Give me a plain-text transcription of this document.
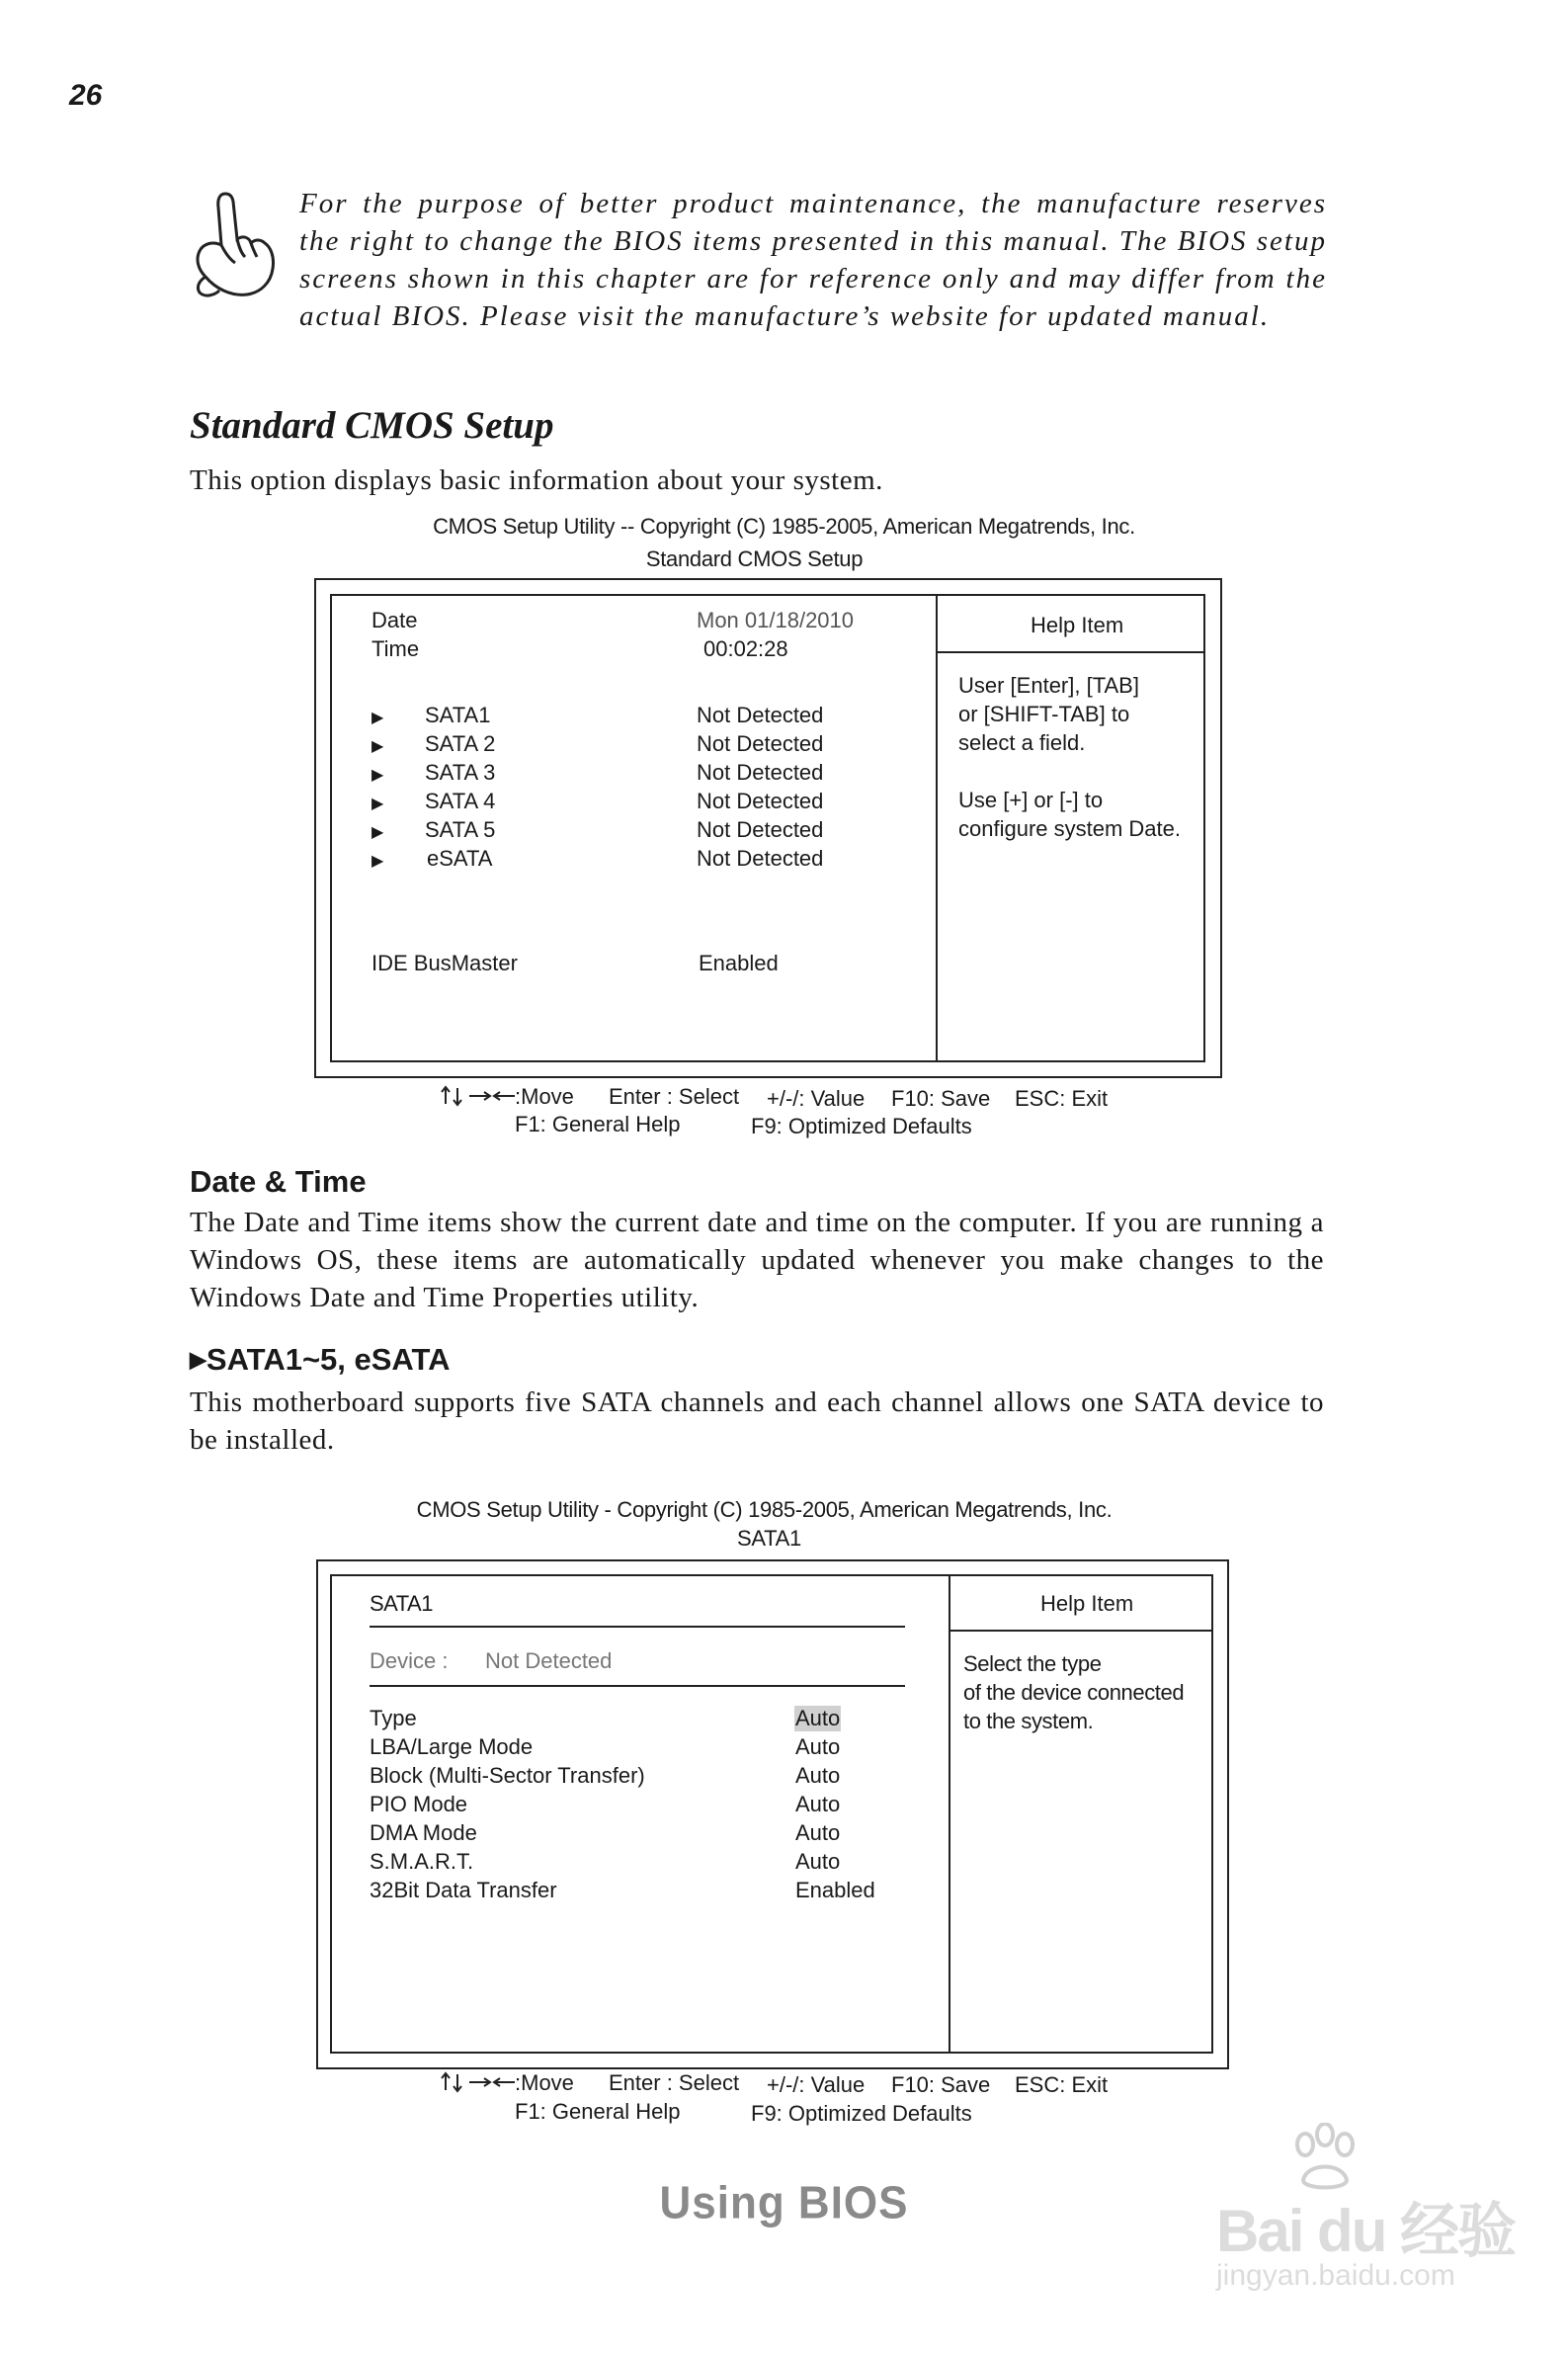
26
For the purpose of better product maintenance, the manufacture reserves the right to change the BIOS items presented in this manual. The BIOS setup screens shown in this chapter are for reference only and may differ from the actual BIOS. Please visit the manufacture’s website for updated manual.
Standard CMOS Setup
This option displays basic information about your system.
CMOS Setup Utility -- Copyright (C) 1985-2005, American Megatrends, Inc.
Standard CMOS Setup
Date	Mon 01/18/2010
Time	00:02:28
▶ SATA1	Not Detected
▶ SATA 2	Not Detected
▶ SATA 3	Not Detected
▶ SATA 4	Not Detected
▶ SATA 5	Not Detected
▶ eSATA	Not Detected
IDE BusMaster	Enabled
Help Item
User [Enter], [TAB]
or [SHIFT-TAB] to
select a field.
Use [+] or [-] to
configure system Date.
:Move Enter : Select +/-/: Value F10: Save ESC: Exit
F1: General Help	F9: Optimized Defaults
Date & Time
The Date and Time items show the current date and time on the computer. If you are running a Windows OS, these items are automatically updated whenever you make changes to the Windows Date and Time Properties utility.
▶SATA1~5, eSATA
This motherboard supports five SATA channels and each channel allows one SATA device to be installed.
CMOS Setup Utility - Copyright (C) 1985-2005, American Megatrends, Inc.
SATA1
SATA1
Device : Not Detected
Type	Auto
LBA/Large Mode	Auto
Block (Multi-Sector Transfer)	Auto
PIO Mode	Auto
DMA Mode	Auto
S.M.A.R.T.	Auto
32Bit Data Transfer	Enabled
Help Item
Select the type
of the device connected
to the system.
:Move Enter : Select +/-/: Value F10: Save ESC: Exit
F1: General Help	F9: Optimized Defaults
Using BIOS	Bai du 经验
jingyan.baidu.com
